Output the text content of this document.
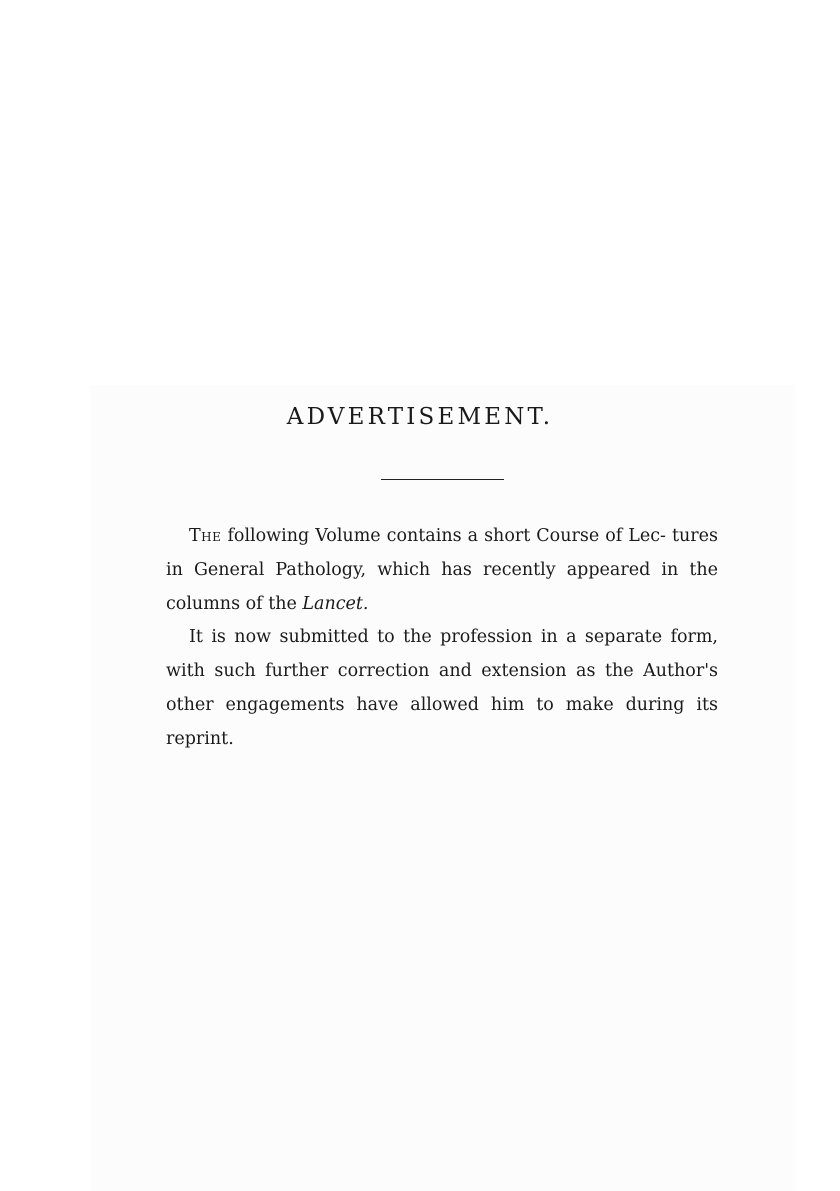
ADVERTISEMENT.

The following Volume contains a short Course of Lec- tures in General Pathology, which has recently appeared in the columns of the Lancet.

It is now submitted to the profession in a separate form, with such further correction and extension as the Author's other engagements have allowed him to make during its reprint.
